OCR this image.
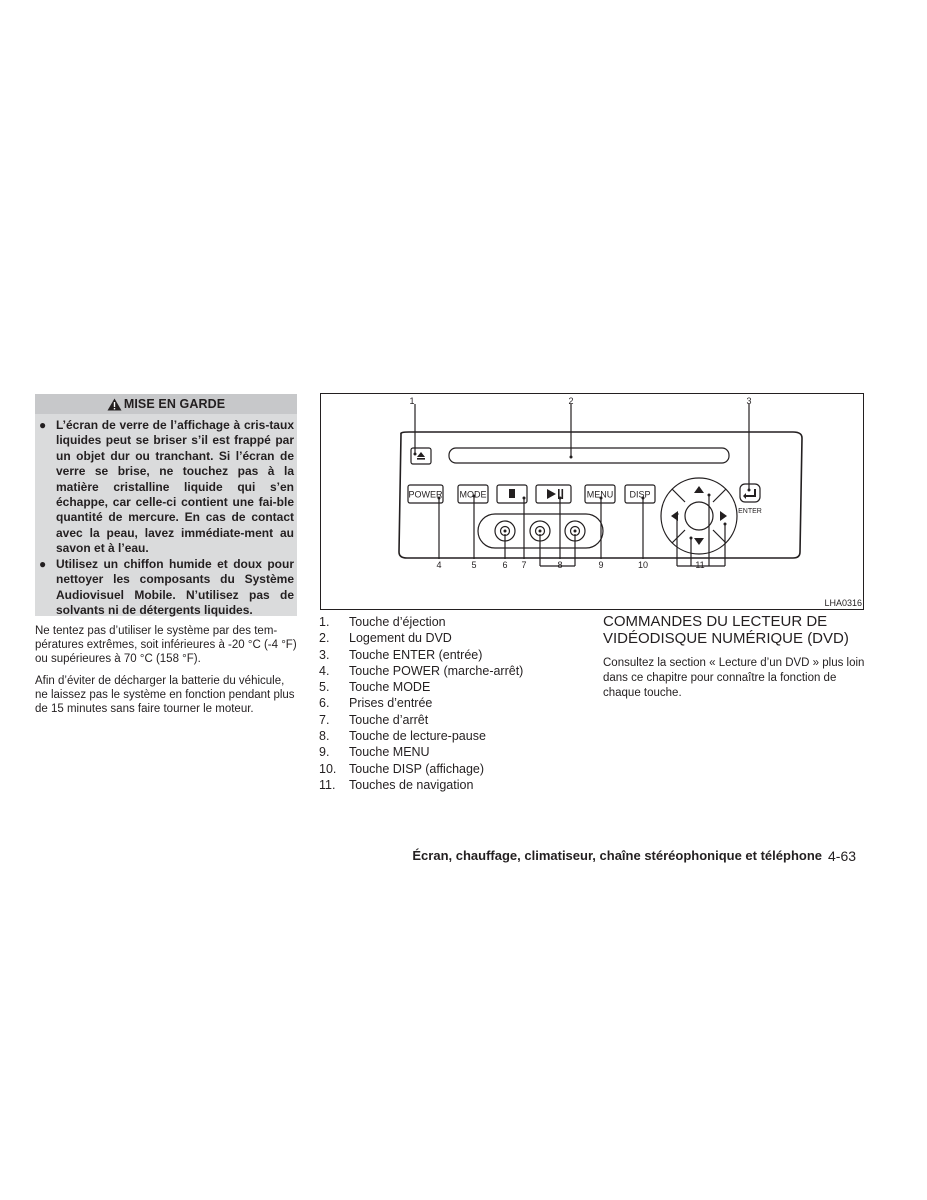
MISE EN GARDE
● L’écran de verre de l’affichage à cris-taux liquides peut se briser s’il est frappé par un objet dur ou tranchant. Si l’écran de verre se brise, ne touchez pas à la matière cristalline liquide qui s’en échappe, car celle-ci contient une fai-ble quantité de mercure. En cas de contact avec la peau, lavez immédiate-ment au savon et à l’eau.
● Utilisez un chiffon humide et doux pour nettoyer les composants du Système Audiovisuel Mobile. N’utilisez pas de solvants ni de détergents liquides.
Ne tentez pas d’utiliser le système par des tem-pératures extrêmes, soit inférieures à -20 °C (-4 °F) ou supérieures à 70 °C (158 °F).
Afin d’éviter de décharger la batterie du véhicule, ne laissez pas le système en fonction pendant plus de 15 minutes sans faire tourner le moteur.
POWER MODE	MENU DISP
ENTER
1	2	3
4	5	6 7	8	9	10	11
LHA0316
1. Touche d’éjection
2. Logement du DVD
3. Touche ENTER (entrée)
4. Touche POWER (marche-arrêt)
5. Touche MODE
6. Prises d’entrée
7. Touche d’arrêt
8. Touche de lecture-pause
9. Touche MENU
10. Touche DISP (affichage)
11. Touches de navigation
COMMANDES DU LECTEUR DE
VIDÉODISQUE NUMÉRIQUE (DVD)
Consultez la section « Lecture d’un DVD » plus loin dans ce chapitre pour connaître la fonction de chaque touche.
Écran, chauffage, climatiseur, chaîne stéréophonique et téléphone 4-63
